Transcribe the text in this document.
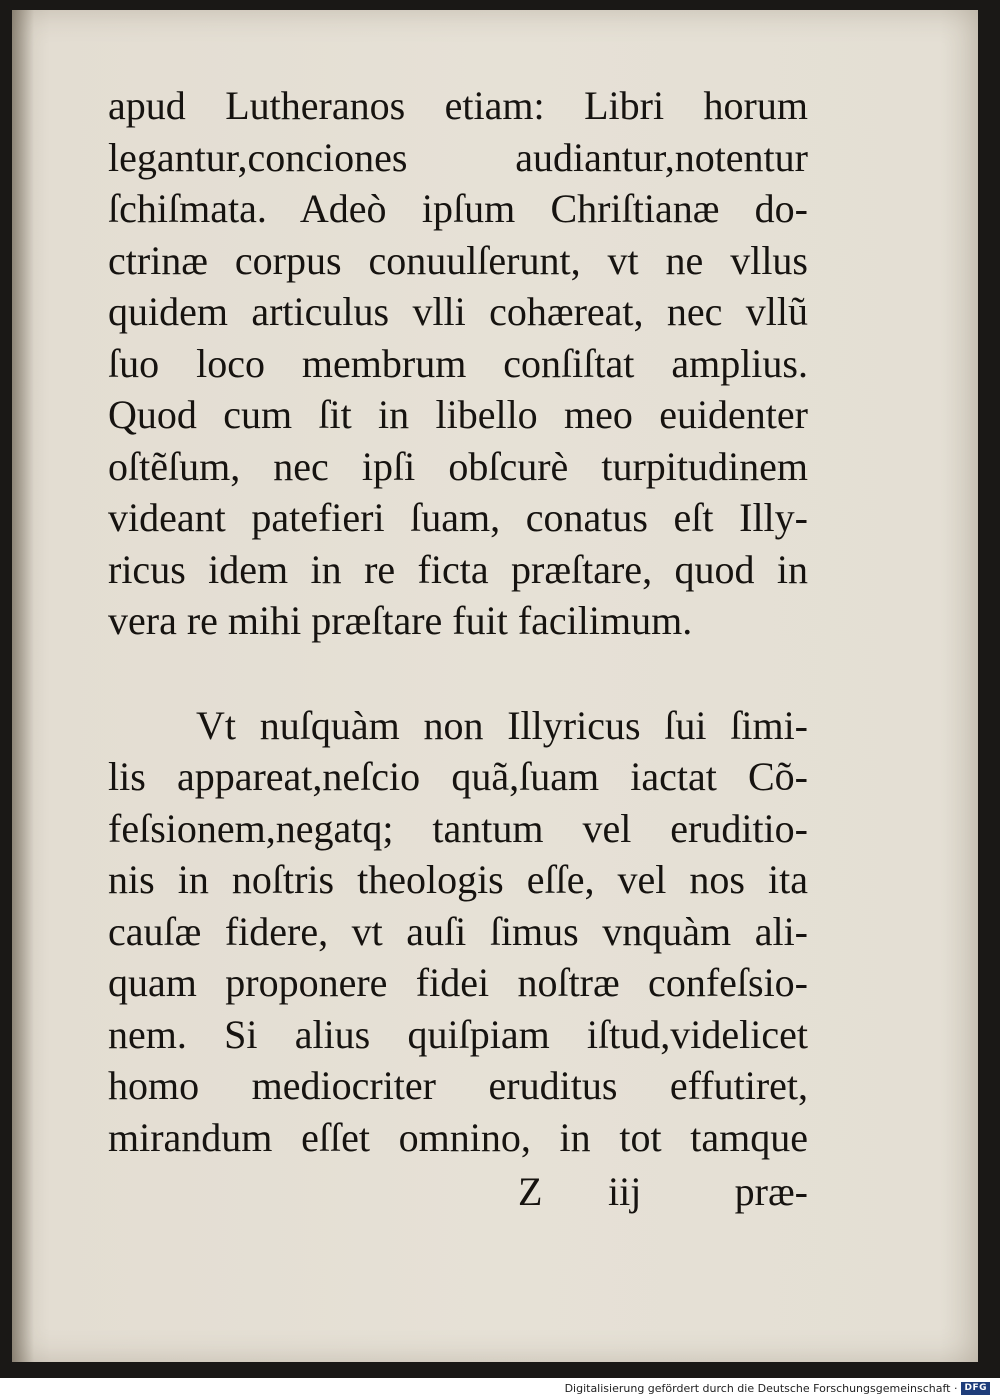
apud Lutheranos etiam: Libri horum
legantur,conciones audiantur,notentur
ſchiſmata. Adeò ipſum Chriſtianæ do-
ctrinæ corpus conuulſerunt, vt ne vllus
quidem articulus vlli cohæreat, nec vllũ
ſuo loco membrum conſiſtat amplius.
Quod cum ſit in libello meo euidenter
oſtẽſum, nec ipſi obſcurè turpitudinem
videant patefieri ſuam, conatus eſt Illy-
ricus idem in re ficta præſtare, quod in
vera re mihi præſtare fuit facilimum.
Vt nuſquàm non Illyricus ſui ſimi-
lis appareat,neſcio quã,ſuam iactat Cõ-
feſsionem,negatq; tantum vel eruditio-
nis in noſtris theologis eſſe, vel nos ita
cauſæ fidere, vt auſi ſimus vnquàm ali-
quam proponere fidei noſtræ confeſsio-
nem. Si alius quiſpiam iſtud,videlicet
homo mediocriter eruditus effutiret,
mirandum eſſet omnino, in tot tamque
Z iij præ-
Digitalisierung gefördert durch die Deutsche Forschungsgemeinschaft · DFG
